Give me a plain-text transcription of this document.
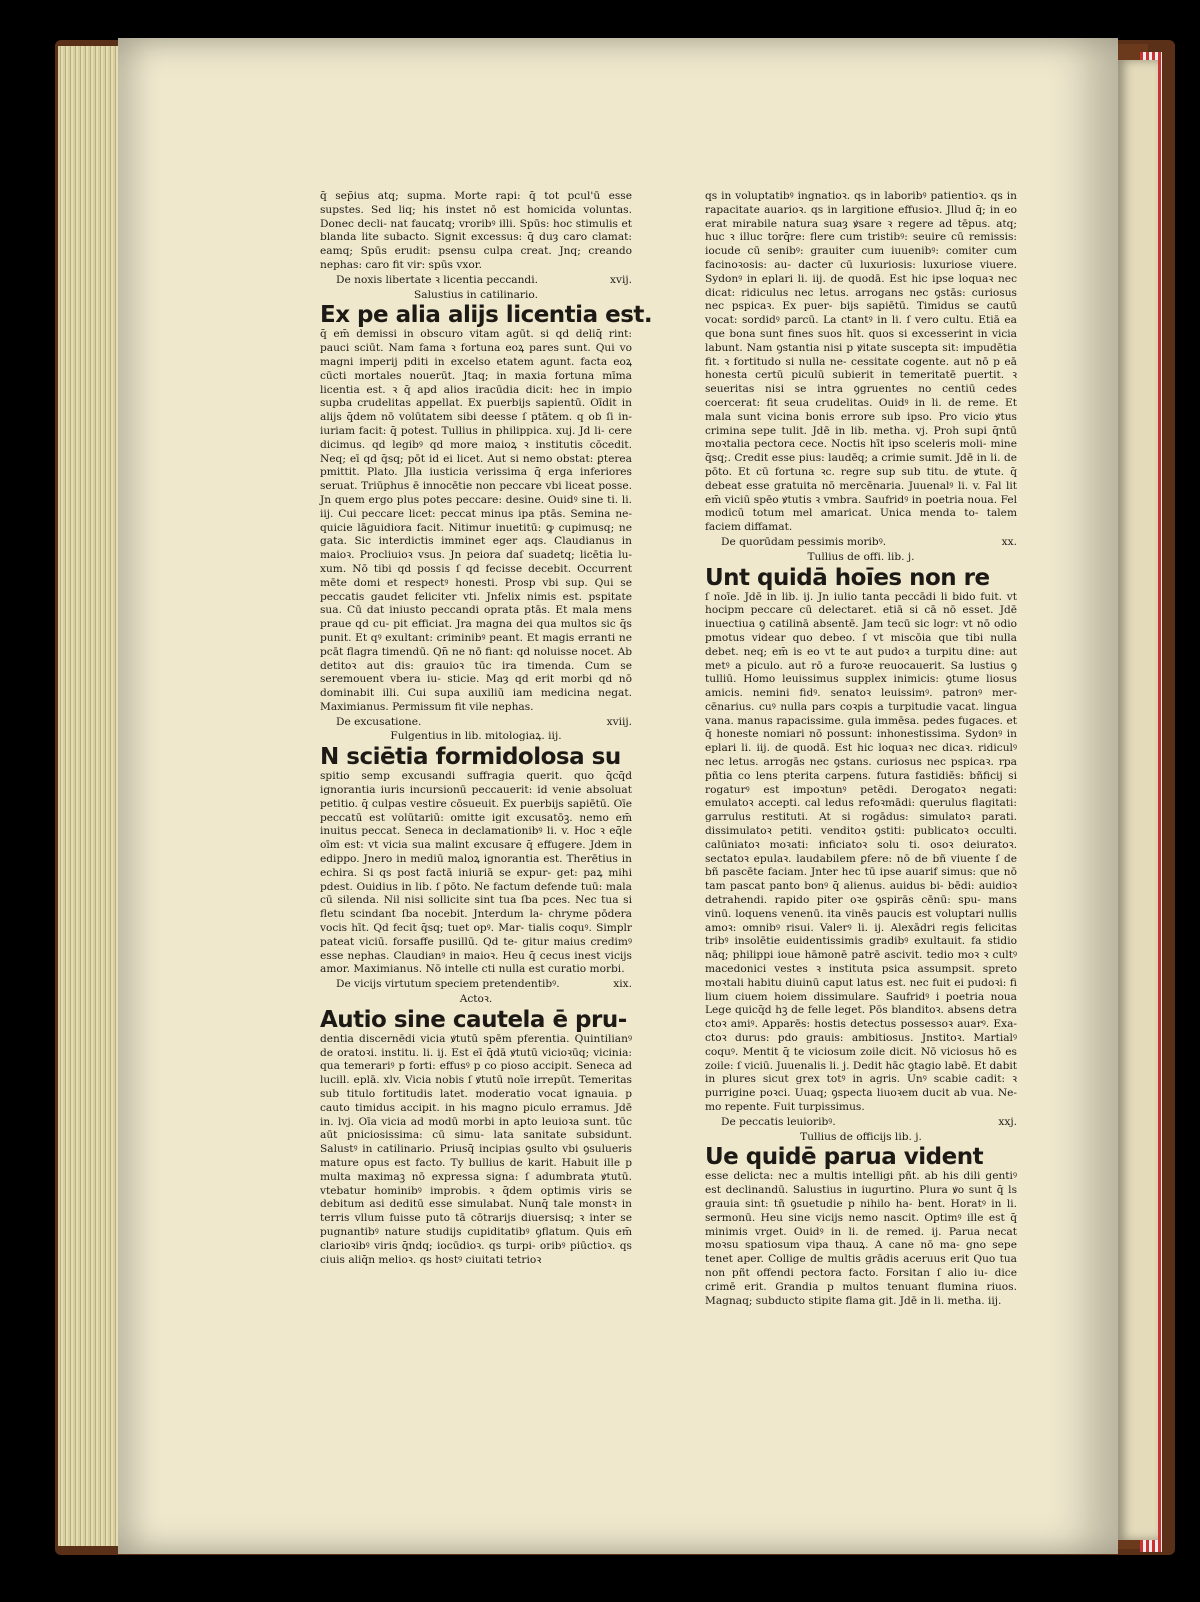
q̄ sep̄ius atq; supma. Morte rapi: q̄ tot pcul'ū esse supstes. Sed liq; his instet nō est homicida voluntas. Donec decli- nat faucatq; vroribꝰ illi. Spūs: hoc stimulis et blanda lite subacto. Signit excessus: q̄ duȝ caro clamat: eamq; Spūs erudit: psensu culpa creat. Jnq; creando nephas: caro fit vir: spūs vxor.

De noxis libertate ꝛ licentia peccandi.	xvij.

Salustius in catilinario.

Ex pe alia alijs licentia est.

q̄ em̄ demissi in obscuro vitam agūt. si qd deliq̄ rint: pauci sciūt. Nam fama ꝛ fortuna eoꝝ pares sunt. Qui vo magni imperij pditi in excelso etatem agunt. facta eoꝝ cūcti mortales nouerūt. Jtaq; in maxia fortuna mīma licentia est. ꝛ q̄ apd alios iracūdia dicit: hec in impio supba crudelitas appellat. Ex puerbijs sapientū. Oīdit in alijs q̄dem nō volūtatem sibi deesse ſ ptātem. q ob ſi in- iuriam facit: q̄ potest. Tullius in philippica. xuj. Jd li- cere dicimus. qd legibꝰ qd more maioꝝ ꝛ institutis cōcedit. Neq; eī qd q̄sq; pōt id ei licet. Aut si nemo obstat: ꝑterea pmittit. Plato. Jlla iusticia verissima q̄ erga inferiores seruat. Triūphus ē innocētie non peccare vbi liceat posse. Jn quem ergo plus potes peccare: desine. Ouidꝰ sine ti. li. iij. Cui peccare licet: peccat minus ipa ptās. Semina ne- quicie lāguidiora facit. Nitimur inuetitū: ꝙ cupimusq; ne gata. Sic interdictis imminet eger aqs. Claudianus in maioꝛ. Procliuioꝛ vsus. Jn peiora daſ suadetq; licētia lu- xum. Nō tibi qd possis ſ qd fecisse decebit. Occurrent mēte domi et respectꝰ honesti. Prosp vbi sup. Qui se peccatis gaudet feliciter vti. Jnfelix nimis est. pspitate sua. Cū dat iniusto peccandi oprata ptās. Et mala mens praue qd cu- pit efficiat. Jra magna dei qua multos sic q̄s punit. Et qꝰ exultant: criminibꝰ peant. Et magis erranti ne pcāt flagra timendū. Qn̄ ne nō fiant: qd noluisse nocet. Ab detitoꝛ aut dis: grauioꝛ tūc ira timenda. Cum se seremouent vbera iu- sticie. Maȝ qd erit morbi qd nō dominabit illi. Cui supa auxiliū iam medicina negat. Maximianus. Permissum fit vile nephas.

De excusatione.	xviij.

Fulgentius in lib. mitologiaꝝ. iij.

N sciētia formidolosa su

spitio semp excusandi suffragia querit. quo q̄cq̄d ignorantia iuris incursionū peccauerit: id venie absoluat petitio. q̄ culpas vestire cōsueuit. Ex puerbijs sapiētū. Oīe peccatū est volūtariū: omitte igit excusatōꝫ. nemo em̄ inuitus peccat. Seneca in declamationibꝰ li. v. Hoc ꝛ eq̄le oīm est: vt vicia sua malint excusare q̄ effugere. Jdem in edippo. Jnero in mediū maloꝝ ignorantia est. Therētius in echira. Si qs post factā iniuriā se expur- get: paꝝ mihi pdest. Ouidius in lib. ſ pōto. Ne factum defende tuū: mala cū silenda. Nil nisi sollicite sint tua ſba pces. Nec tua si fletu scindant ſba nocebit. Jnterdum la- chryme pōdera vocis hīt. Qd fecit q̄sq; tuet opꝰ. Mar- tialis coquꝰ. Simplr pateat viciū. forsaffe pusillū. Qd te- gitur maius credimꝰ esse nephas. Claudianꝰ in maioꝛ. Heu q̄ cecus inest vicijs amor. Maximianus. Nō intelle cti nulla est curatio morbi.

De vicijs virtutum speciem pretendentibꝰ.	xix.

Actoꝛ.

Autio sine cautela ē pru-

dentia discernēdi vicia ꝟtutū spēm pferentia. Quintilianꝰ de oratoꝛi. institu. li. ij. Est eī q̄dā ꝟtutū vicioꝛūq; vicinia: qua temerariꝰ p forti: effusꝰ p co pioso accipit. Seneca ad lucill. eplā. xlv. Vicia nobis ſ ꝟtutū noīe irrepūt. Temeritas sub titulo fortitudis latet. moderatio vocat ignauia. p cauto timidus accipit. in his magno piculo erramus. Jdē in. lvj. Oīa vicia ad modū morbi in apto leuioꝛa sunt. tūc aūt pniciosissima: cū simu- lata sanitate subsidunt. Salustꝰ in catilinario. Priusq̄ incipias ꝯsulto vbi ꝯsulueris mature opus est facto. Ty bullius de karit. Habuit ille p multa maximaꝫ nō expressa signa: ſ adumbrata ꝟtutū. vtebatur hominibꝰ improbis. ꝛ q̄dem optimis viris se debitum asi deditū esse simulabat. Nunq̄ tale monstꝛ in terris vllum fuisse puto tā cōtrarijs diuersisq; ꝛ inter se pugnantibꝰ nature studijs cupiditatibꝰ ꝯflatum. Quis em̄ clarioꝛibꝰ viris q̄ndq; iocūdioꝛ. qs turpi- oribꝰ piūctioꝛ. qs ciuis aliq̄n melioꝛ. qs hostꝰ ciuitati tetrioꝛ

qs in voluptatibꝰ ingnatioꝛ. qs in laboribꝰ patientioꝛ. qs in rapacitate auarioꝛ. qs in largitione effusioꝛ. Jllud q̄; in eo erat mirabile natura suaȝ ꝟsare ꝛ regere ad tēpus. atq; huc ꝛ illuc torq̄re: flere cum tristibꝰ: seuire cū remissis: iocude cū senibꝰ: grauiter cum iuuenibꝰ: comiter cum facinoꝛosis: au- dacter cū luxuriosis: luxuriose viuere. Sydonꝰ in eplari li. iij. de quodā. Est hic ipse loquaꝛ nec dicat: ridiculus nec letus. arrogans nec ꝯstās: curiosus nec pspicaꝛ. Ex puer- bijs sapiētū. Timidus se cautū vocat: sordidꝰ parcū. La ctantꝰ in li. ſ vero cultu. Etiā ea que bona sunt fines suos hīt. quos si excesserint in vicia labunt. Nam ꝯstantia nisi p ꝟitate suscepta sit: impudētia fit. ꝛ fortitudo si nulla ne- cessitate cogente. aut nō p eā honesta certū piculū subierit in temeritatē puertit. ꝛ seueritas nisi se intra ꝯgruentes no centiū cedes coercerat: fit seua crudelitas. Ouidꝰ in li. de reme. Et mala sunt vicina bonis errore sub ipso. Pro vicio ꝟtus crimina sepe tulit. Jdē in lib. metha. vj. Proh supi q̄ntū moꝛtalia pectora cece. Noctis hīt ipso sceleris moli- mine q̄sq;. Credit esse pius: laudēq; a crimie sumit. Jdē in li. de pōto. Et cū fortuna ꝛc. regre sup sub titu. de ꝟtute. q̄ debeat esse gratuita nō mercēnaria. Juuenalꝰ li. v. Fal lit em̄ viciū spēo ꝟtutis ꝛ vmbra. Saufridꝰ in poetria noua. Fel modicū totum mel amaricat. Unica menda to- talem faciem diffamat.

De quorūdam pessimis moribꝰ.	xx.

Tullius de offi. lib. j.

Unt quidā hoīes non re

ſ noīe. Jdē in lib. ij. Jn iulio tanta peccādi li bido fuit. vt hocipm peccare cū delectaret. etiā si cā nō esset. Jdē inuectiua ꝯ catilinā absentē. Jam tecū sic logr: vt nō odio pmotus videar quo debeo. ſ vt miscōia que tibi nulla debet. neq; em̄ is eo vt te aut pudoꝛ a turpitu dine: aut metꝰ a piculo. aut rō a furoꝛe reuocauerit. Sa lustius ꝯ tulliū. Homo leuissimus supplex inimicis: ꝯtume liosus amicis. nemini fidꝰ. senatoꝛ leuissimꝰ. patronꝰ mer- cēnarius. cuꝰ nulla pars coꝛpis a turpitudie vacat. lingua vana. manus rapacissime. gula immēsa. pedes fugaces. et q̄ honeste nomiari nō possunt: inhonestissima. Sydonꝰ in eplari li. iij. de quodā. Est hic loquaꝛ nec dicaꝛ. ridiculꝰ nec letus. arrogās nec ꝯstans. curiosus nec pspicaꝛ. rpa pñtia co lens pterita carpens. futura fastidiēs: bñficij si rogaturꝰ est impoꝛtunꝰ petēdi. Derogatoꝛ negati: emulatoꝛ accepti. cal ledus refoꝛmādi: querulus flagitati: garrulus restituti. At si rogādus: simulatoꝛ parati. dissimulatoꝛ petiti. venditoꝛ ꝯstiti: publicatoꝛ occulti. calūniatoꝛ moꝛati: inficiatoꝛ solu ti. osoꝛ deiuratoꝛ. sectatoꝛ epulaꝛ. laudabilem ꝑfere: nō de bñ viuente ſ de bñ pascēte faciam. Jnter hec tū ipse auarif simus: que nō tam pascat panto bonꝰ q̄ alienus. auidus bi- bēdi: auidioꝛ detrahendi. rapido piter oꝛe ꝯspirās cēnū: spu- mans vinū. loquens venenū. ita vinēs paucis est voluptari nullis amoꝛ: omnibꝰ risui. Valerꝰ li. ij. Alexādri regis felicitas tribꝰ insolētie euidentissimis gradibꝰ exultauit. fa stidio nāq; philippi ioue hāmonē patrē ascivit. tedio moꝛ ꝛ cultꝰ macedonici vestes ꝛ instituta psica assumpsit. spreto moꝛtali habitu diuinū caput latus est. nec fuit ei pudoꝛi: fi lium ciuem hoiem dissimulare. Saufridꝰ i poetria noua Lege quicq̄d hꝫ de felle leget. Pōs blanditoꝛ. absens detra ctoꝛ amiꝰ. Apparēs: hostis detectus possessoꝛ auarꝰ. Exa- ctoꝛ durus: pdo grauis: ambitiosus. Jnstitoꝛ. Martialꝰ coquꝰ. Mentit q̄ te viciosum zoile dicit. Nō viciosus hō es zoile: ſ viciū. Juuenalis li. j. Dedit hāc ꝯtagio labē. Et dabit in plures sicut grex totꝰ in agris. Unꝰ scabie cadit: ꝛ purrigine poꝛci. Uuaq; ꝯspecta liuoꝛem ducit ab vua. Ne- mo repente. Fuit turpissimus.

De peccatis leuioribꝰ.	xxj.

Tullius de officijs lib. j.

Ue quidē parua vident

esse delicta: nec a multis intelligi pñt. ab his dili gentiꝰ est declinandū. Salustius in iugurtino. Plura ꝟo sunt q̄ ls grauia sint: tñ ꝯsuetudie p nihilo ha- bent. Horatꝰ in li. sermonū. Heu sine vicijs nemo nascit. Optimꝰ ille est q̄ minimis vrget. Ouidꝰ in li. de remed. ij. Parua necat moꝛsu spatiosum vipa thauꝝ. A cane nō ma- gno sepe tenet aper. Collige de multis grādis aceruus erit Quo tua non pñt offendi pectora facto. Forsitan ſ alio iu- dice crimē erit. Grandia p multos tenuant flumina riuos. Magnaq; subducto stipite flama git. Jdē in li. metha. iij.
